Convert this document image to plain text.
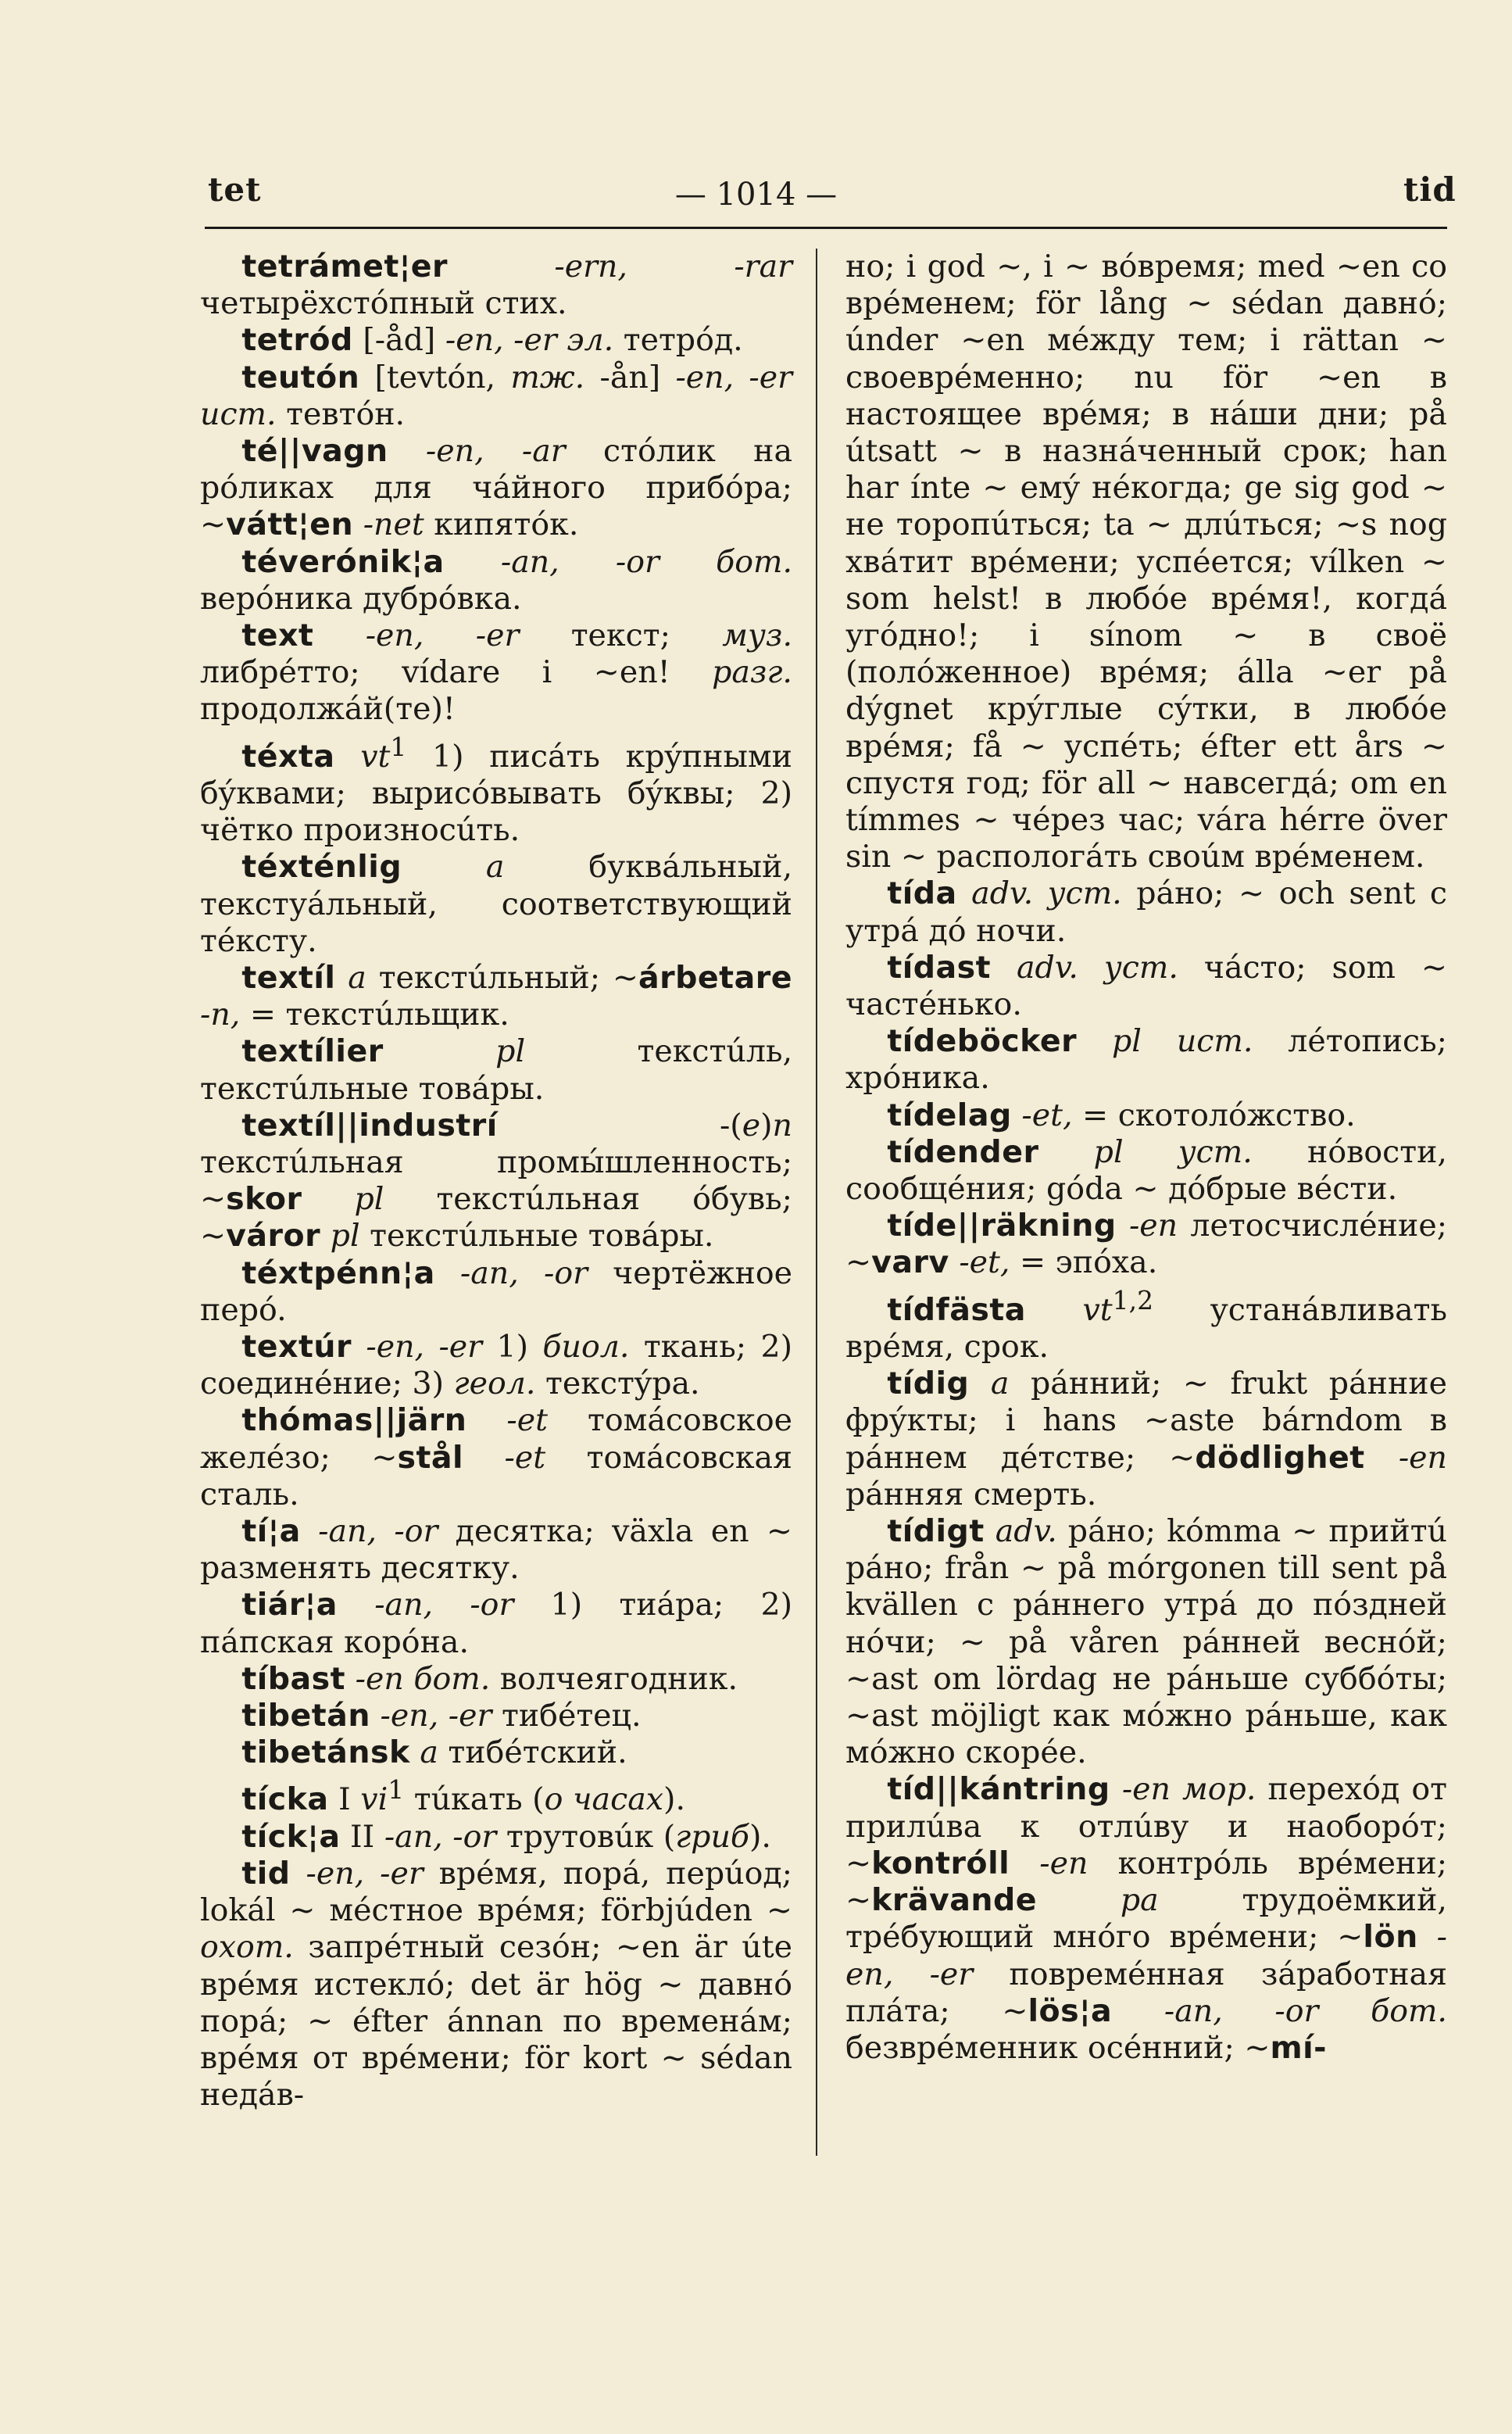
tet	— 1014 —	tid

tetrámet¦er	-ern, -rar четырёхстóпный стих.

tetród [-åd] -en, -er эл. тетрóд.

teutón [tevtón, тж. -ån] -en, -er ист. тевтóн.

té||vagn -en, -ar стóлик на рóликах для чáйного прибóра; ~vátt¦en -net кипятóк.

téverónik¦a -an, -or бот. верóника дубрóвка.

text -en, -er текст; муз. либрéтто; vídare i ~en! разг. продолжáй(те)!

téxta $vt^1$ 1) писáть крýпными бýквами; вырисóвывать бýквы; 2) чётко произносúть.

téxténlig	a буквáльный, текстуáльный, соответствующий тéксту.

textíl a текстúльный; ~árbetare -n, = текстúльщик.

textílier	pl текстúль, текстúльные товáры.

textíl||industrí -(e)n текстúльная промы́шленность; ~skor pl текстúльная óбувь; ~váror pl текстúльные товáры.

téxtpénn¦a -an, -or чертёжное перó.

textúr -en, -er 1) биол. ткань; 2) соединéние; 3) геол. текстýра.

thómas||järn -et томáсовское желéзо; ~stål -et томáсовская сталь.

tí¦a -an, -or десятка; växla en ~ разменять десятку.

tiár¦a -an, -or 1) тиáра; 2) пáпская корóна.

tíbast -en бот. волчеягодник.

tibetán -en, -er тибéтец.

tibetánsk a тибéтский.

tícka I $vi^1$ тúкать (о часах).

tíck¦a II -an, -or трутовúк (гриб).

tid -en, -er врéмя, порá, перúод; lokál ~ мéстное врéмя; förbjúden ~ охот. запрéтный сезóн; ~en är úte врéмя истеклó; det är hög ~ давнó порá; ~ éfter ánnan по временáм; врéмя от врéмени; för kort ~ sédan недáв-

но; i god ~, i ~ вóвремя; med ~en со врéменем; för lång ~ sédan давнó; únder ~en мéжду тем; i rättan ~ своеврéменно; nu för ~en в настоящее врéмя; в нáши дни; på útsatt ~ в назнáченный срок; han har ínte ~ емý нéкогда; ge sig god ~ не торопúться; ta ~ длúться; ~s nog хвáтит врéмени; успéется; vílken ~ som helst! в любóе врéмя!, когдá угóдно!; i sínom ~ в своё (полóженное) врéмя; álla ~er på dýgnet крýглые сýтки, в любóе врéмя; få ~ успéть; éfter ett års ~ спустя год; för all ~ навсегдá; om en tímmes ~ чéрез час; vára hérre över sin ~ распологáть своúм врéменем.

tída adv. уст. рáно; ~ och sent с утрá дó ночи.

tídast adv. уст. чáсто; som ~ частéнько.

tídeböcker pl ист. лéтопись; хрóника.

tídelag -et, = скотолóжство.

tídender pl уст. нóвости, сообщéния; góda ~ дóбрые вéсти.

tíde||räkning -en летосчислéние; ~varv -et, = эпóха.

tídfästa vt$^{1,2}$ устанáвливать врéмя, срок.

tídig a рáнний; ~ frukt рáнние фрýкты; i hans ~aste bárndom в рáннем дéтстве; ~dödlighet -en рáнняя смерть.

tídigt adv. рáно; kómma ~ прийтú рáно; från ~ på mórgonen till sent på kvällen с рáннего утрá до пóздней нóчи; ~ på våren рáнней веснóй; ~ast om lördag не рáньше суббóты; ~ast möjligt как мóжно рáньше, как мóжно скорéе.

tíd||kántring -en мор. перехóд от прилúва к отлúву и наоборóт; ~kontróll -en контрóль врéмени; ~krävande	pa трудоёмкий, трéбующий мнóго врéмени; ~lön -en, -er повремéнная зáработная плáта; ~lös¦a -an, -or бот. безврéменник осéнний; ~mí-
